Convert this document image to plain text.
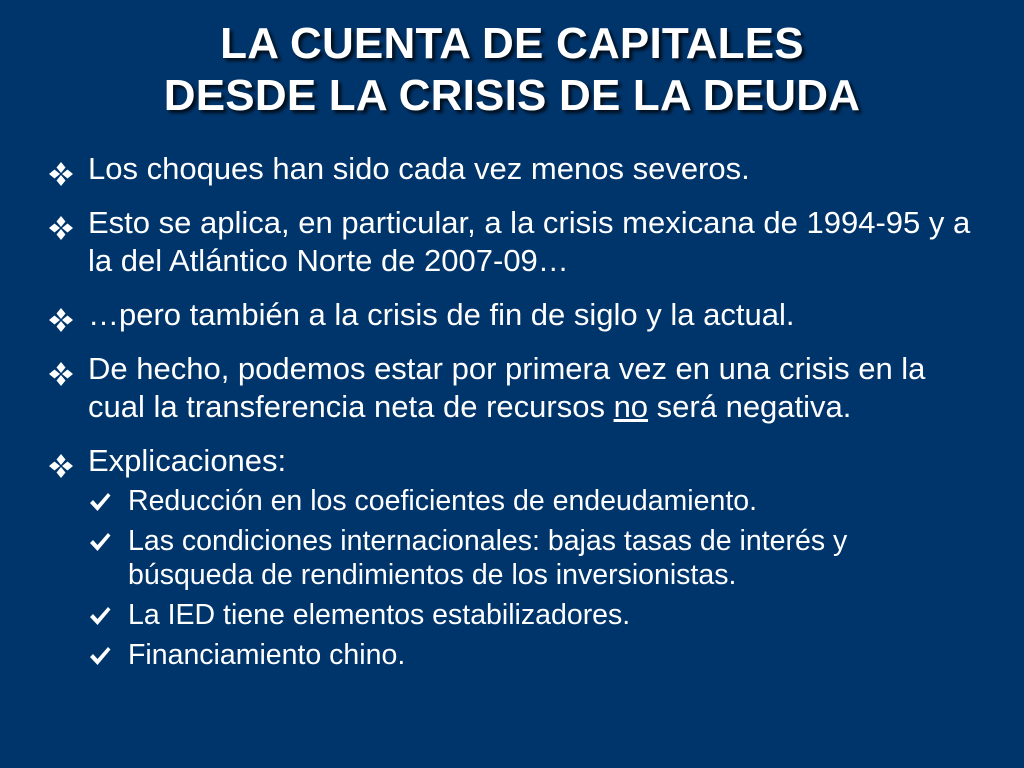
LA CUENTA DE CAPITALES
DESDE LA CRISIS DE LA DEUDA
Los choques han sido cada vez menos severos.
Esto se aplica, en particular, a la crisis mexicana de 1994-95 y a la del Atlántico Norte de 2007-09…
…pero también a la crisis de fin de siglo y la actual.
De hecho, podemos estar por primera vez en una crisis en la cual la transferencia neta de recursos no será negativa.
Explicaciones:
Reducción en los coeficientes de endeudamiento.
Las condiciones internacionales: bajas tasas de interés y búsqueda de rendimientos de los inversionistas.
La IED tiene elementos estabilizadores.
Financiamiento chino.
